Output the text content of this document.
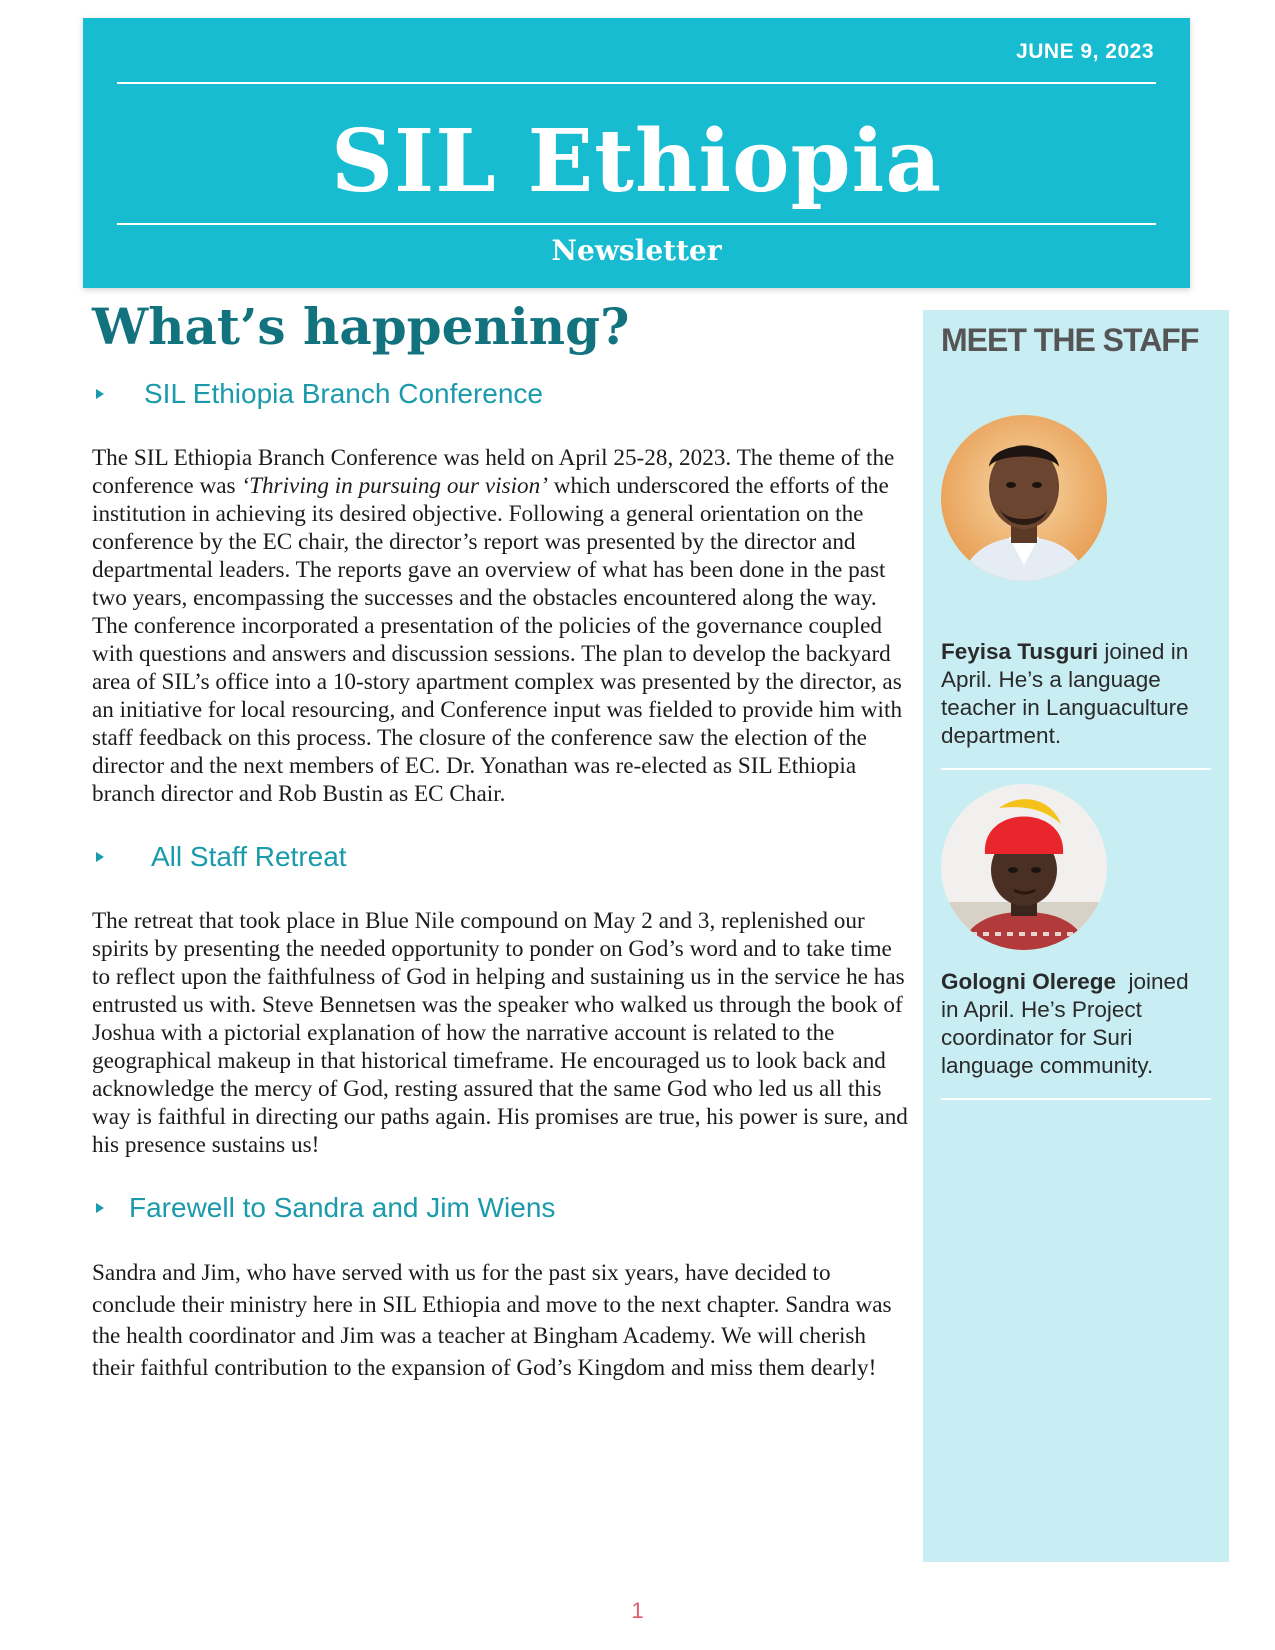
JUNE 9, 2023
SIL Ethiopia
Newsletter
What’s happening?
SIL Ethiopia Branch Conference

The SIL Ethiopia Branch Conference was held on April 25-28, 2023. The theme of the conference was ‘Thriving in pursuing our vision’ which underscored the efforts of the institution in achieving its desired objective. Following a general orientation on the conference by the EC chair, the director’s report was presented by the director and departmental leaders. The reports gave an overview of what has been done in the past two years, encompassing the successes and the obstacles encountered along the way. The conference incorporated a presentation of the policies of the governance coupled with questions and answers and discussion sessions. The plan to develop the backyard area of SIL’s office into a 10-story apartment complex was presented by the director, as an initiative for local resourcing, and Conference input was fielded to provide him with staff feedback on this process. The closure of the conference saw the election of the director and the next members of EC. Dr. Yonathan was re-elected as SIL Ethiopia branch director and Rob Bustin as EC Chair.

All Staff Retreat

The retreat that took place in Blue Nile compound on May 2 and 3, replenished our spirits by presenting the needed opportunity to ponder on God’s word and to take time to reflect upon the faithfulness of God in helping and sustaining us in the service he has entrusted us with. Steve Bennetsen was the speaker who walked us through the book of Joshua with a pictorial explanation of how the narrative account is related to the geographical makeup in that historical timeframe. He encouraged us to look back and acknowledge the mercy of God, resting assured that the same God who led us all this way is faithful in directing our paths again. His promises are true, his power is sure, and his presence sustains us!

Farewell to Sandra and Jim Wiens

Sandra and Jim, who have served with us for the past six years, have decided to conclude their ministry here in SIL Ethiopia and move to the next chapter. Sandra was the health coordinator and Jim was a teacher at Bingham Academy. We will cherish their faithful contribution to the expansion of God’s Kingdom and miss them dearly!

MEET THE STAFF
Feyisa Tusguri joined in April. He’s a language teacher in Languaculture department.
Gologni Olerege  joined in April. He’s Project coordinator for Suri language community.
1
